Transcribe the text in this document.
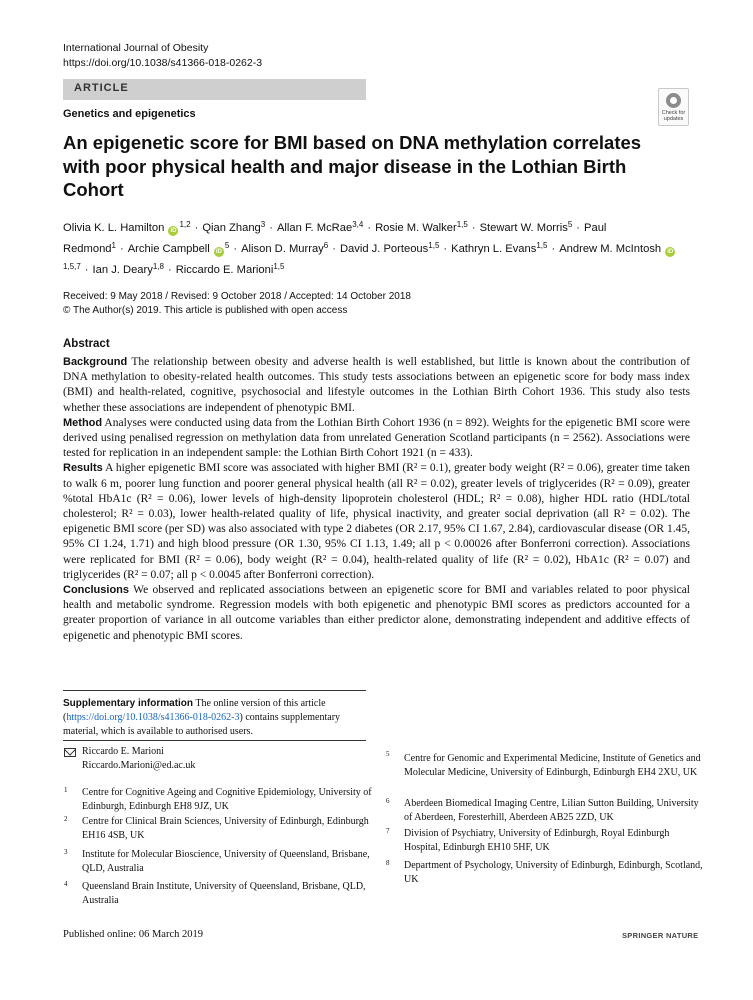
International Journal of Obesity
https://doi.org/10.1038/s41366-018-0262-3
ARTICLE
Genetics and epigenetics	Check for updates
An epigenetic score for BMI based on DNA methylation correlates with poor physical health and major disease in the Lothian Birth Cohort
Olivia K. L. Hamilton iD$^{1,2}$ · Qian Zhang$^3$ · Allan F. McRae$^{3,4}$ · Rosie M. Walker$^{1,5}$ · Stewart W. Morris$^5$ · Paul Redmond$^1$ · Archie Campbell $iD^5$ · Alison D. Murray$^6$ · David J. Porteous$^{1,5}$ · Kathryn L. Evans$^{1,5}$ · Andrew M. McIntosh iD$^{1,5,7}$ · Ian J. Deary$^{1,8}$ · Riccardo E. Marioni$^{1,5}$
Received: 9 May 2018 / Revised: 9 October 2018 / Accepted: 14 October 2018
© The Author(s) 2019. This article is published with open access
Abstract

Background The relationship between obesity and adverse health is well established, but little is known about the contribution of DNA methylation to obesity-related health outcomes. This study tests associations between an epigenetic score for body mass index (BMI) and health-related, cognitive, psychosocial and lifestyle outcomes in the Lothian Birth Cohort 1936. This study also tests whether these associations are independent of phenotypic BMI.

Method Analyses were conducted using data from the Lothian Birth Cohort 1936 (n = 892). Weights for the epigenetic BMI score were derived using penalised regression on methylation data from unrelated Generation Scotland participants (n = 2562). Associations were tested for replication in an independent sample: the Lothian Birth Cohort 1921 (n = 433).

Results A higher epigenetic BMI score was associated with higher BMI (R² = 0.1), greater body weight (R² = 0.06), greater time taken to walk 6 m, poorer lung function and poorer general physical health (all R² = 0.02), greater levels of triglycerides (R² = 0.09), greater %total HbA1c (R² = 0.06), lower levels of high-density lipoprotein cholesterol (HDL; R² = 0.08), higher HDL ratio (HDL/total cholesterol; R² = 0.03), lower health-related quality of life, physical inactivity, and greater social deprivation (all R² = 0.02). The epigenetic BMI score (per SD) was also associated with type 2 diabetes (OR 2.17, 95% CI 1.67, 2.84), cardiovascular disease (OR 1.45, 95% CI 1.24, 1.71) and high blood pressure (OR 1.30, 95% CI 1.13, 1.49; all p < 0.00026 after Bonferroni correction). Associations were replicated for BMI (R² = 0.06), body weight (R² = 0.04), health-related quality of life (R² = 0.02), HbA1c (R² = 0.07) and triglycerides (R² = 0.07; all p < 0.0045 after Bonferroni correction).

Conclusions We observed and replicated associations between an epigenetic score for BMI and variables related to poor physical health and metabolic syndrome. Regression models with both epigenetic and phenotypic BMI scores as predictors accounted for a greater proportion of variance in all outcome variables than either predictor alone, demonstrating independent and additive effects of epigenetic and phenotypic BMI scores.

Supplementary information The online version of this article (https://doi.org/10.1038/s41366-018-0262-3) contains supplementary material, which is available to authorised users.
Riccardo E. Marioni
Riccardo.Marioni@ed.ac.uk
1 Centre for Cognitive Ageing and Cognitive Epidemiology, University of Edinburgh, Edinburgh EH8 9JZ, UK
2 Centre for Clinical Brain Sciences, University of Edinburgh, Edinburgh EH16 4SB, UK
3 Institute for Molecular Bioscience, University of Queensland, Brisbane, QLD, Australia
4 Queensland Brain Institute, University of Queensland, Brisbane, QLD, Australia
5 Centre for Genomic and Experimental Medicine, Institute of Genetics and Molecular Medicine, University of Edinburgh, Edinburgh EH4 2XU, UK
6 Aberdeen Biomedical Imaging Centre, Lilian Sutton Building, University of Aberdeen, Foresterhill, Aberdeen AB25 2ZD, UK
7 Division of Psychiatry, University of Edinburgh, Royal Edinburgh Hospital, Edinburgh EH10 5HF, UK
8 Department of Psychology, University of Edinburgh, Edinburgh, Scotland, UK
Published online: 06 March 2019	SPRINGER NATURE
